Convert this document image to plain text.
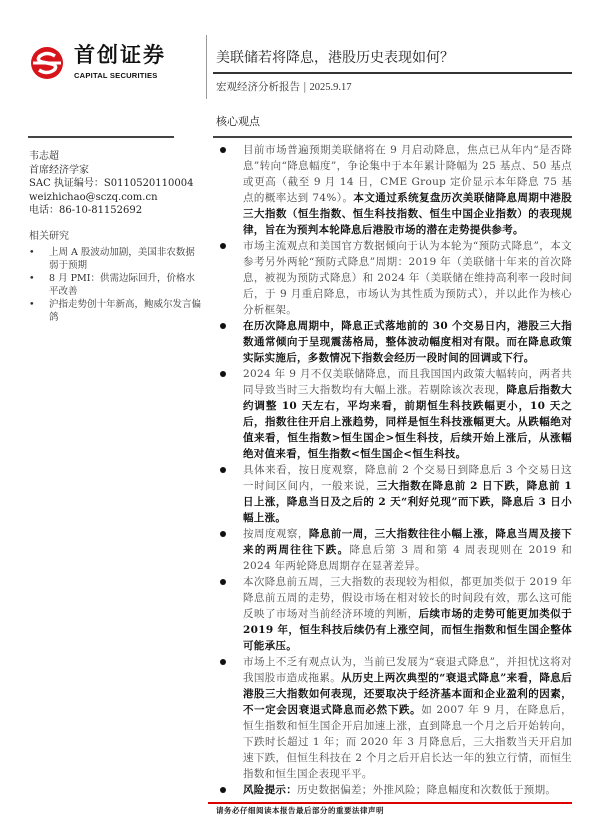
首创证券
CAPITAL SECURITIES
美联储若将降息，港股历史表现如何？
宏观经济分析报告 | 2025.9.17
核心观点
韦志超
首席经济学家
SAC 执证编号：S0110520110004
weizhichao@sczq.com.cn
电话：86-10-81152692
相关研究
• 上周 A 股波动加剧，美国非农数据弱于预期
• 8 月 PMI：供需边际回升，价格水平改善
• 沪指走势创十年新高，鲍威尔发言偏鸽
目前市场普遍预期美联储将在 9 月启动降息，焦点已从年内“是否降息”转向“降息幅度”，争论集中于本年累计降幅为 25 基点、50 基点或更高（截至 9 月 14 日，CME Group 定价显示本年降息 75 基点的概率达到 74%）。本文通过系统复盘历次美联储降息周期中港股三大指数（恒生指数、恒生科技指数、恒生中国企业指数）的表现规律，旨在为预判本轮降息后港股市场的潜在走势提供参考。
市场主流观点和美国官方数据倾向于认为本轮为“预防式降息”，本文参考另外两轮“预防式降息”周期：2019 年（美联储十年来的首次降息，被视为预防式降息）和 2024 年（美联储在维持高利率一段时间后，于 9 月重启降息，市场认为其性质为预防式），并以此作为核心分析框架。
在历次降息周期中，降息正式落地前的 30 个交易日内，港股三大指数通常倾向于呈现震荡格局，整体波动幅度相对有限。而在降息政策实际实施后，多数情况下指数会经历一段时间的回调或下行。
2024 年 9 月不仅美联储降息，而且我国国内政策大幅转向，两者共同导致当时三大指数均有大幅上涨。若剔除该次表现，降息后指数大约调整 10 天左右，平均来看，前期恒生科技跌幅更小，10 天之后，指数往往开启上涨趋势，同样是恒生科技涨幅更大。从跌幅绝对值来看，恒生指数>恒生国企>恒生科技，后续开始上涨后，从涨幅绝对值来看，恒生指数<恒生国企<恒生科技。
具体来看，按日度观察，降息前 2 个交易日到降息后 3 个交易日这一时间区间内，一般来说，三大指数在降息前 2 日下跌，降息前 1 日上涨，降息当日及之后的 2 天“利好兑现”而下跌，降息后 3 日小幅上涨。
按周度观察，降息前一周，三大指数往往小幅上涨，降息当周及接下来的两周往往下跌。降息后第 3 周和第 4 周表现则在 2019 和 2024 年两轮降息周期存在显著差异。
本次降息前五周，三大指数的表现较为相似，都更加类似于 2019 年降息前五周的走势，假设市场在相对较长的时间段有效，那么这可能反映了市场对当前经济环境的判断，后续市场的走势可能更加类似于 2019 年，恒生科技后续仍有上涨空间，而恒生指数和恒生国企整体可能承压。
市场上不乏有观点认为，当前已发展为“衰退式降息”，并担忧这将对我国股市造成拖累。从历史上两次典型的“衰退式降息”来看，降息后港股三大指数如何表现，还要取决于经济基本面和企业盈利的因素，不一定会因衰退式降息而必然下跌。如 2007 年 9 月，在降息后，恒生指数和恒生国企开启加速上涨，直到降息一个月之后开始转向，下跌时长超过 1 年；而 2020 年 3 月降息后，三大指数当天开启加速下跌，但恒生科技在 2 个月之后开启长达一年的独立行情，而恒生指数和恒生国企表现平平。
风险提示：历史数据偏差；外推风险；降息幅度和次数低于预期。
请务必仔细阅读本报告最后部分的重要法律声明
